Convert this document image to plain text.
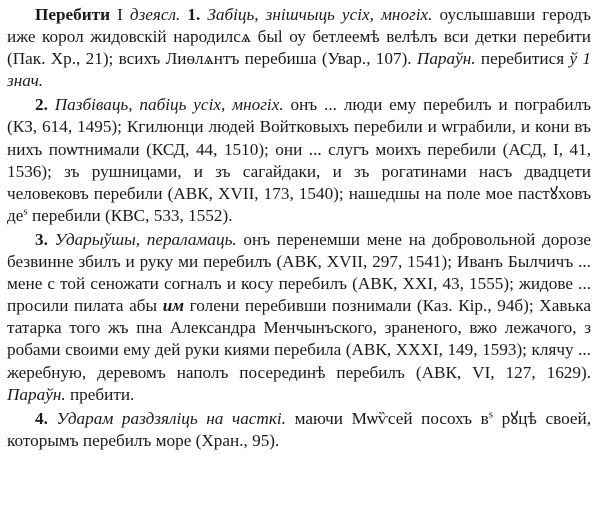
Перебити I дзеясл. 1. Забіць, знішчыць усіх, многіх. оуслышавши геродъ иже корол жидовскій народилсѧ быl оу бетлеемѣ велѣлъ вси детки перебити (Пак. Хр., 21); всихъ Лиѳлѧнтъ перебиша (Увар., 107). Параўн. перебитися ў 1 знач.

2. Пазбіваць, пабіць усіх, многіх. онъ ... люди ему перебилъ и пограбилъ (КЗ, 614, 1495); Кгилюнци людей Войтковыхъ перебили и ѡграбили, и кони въ нихъ поѡтнимали (КСД, 44, 1510); они ... слугъ моихъ перебили (АСД, I, 41, 1536); зъ рушницами, и зъ сагайдаки, и зъ рогатинами насъ двадцети человековъ перебили (АВК, XVII, 173, 1540); нашедшы на поле мое пастꙋховъ $де^s$ перебили (КВС, 533, 1552).

3. Ударыўшы, пераламаць. онъ перенемши мене на добровольной дорозе безвинне збилъ и руку ми перебилъ (АВК, XVII, 297, 1541); Иванъ Былчичъ ... мене с той сеножати согналъ и косу перебилъ (АВК, XXI, 43, 1555); жидове ... просили пилата абы им голени перебивши познимали (Каз. Кір., 94б); Хавька татарка того жъ пна Алексaндра Менчынъского, зраненого, вжо лежачого, з робами своими ему дей руки киями перебила (АВК, XXXI, 149, 1593); клячу ... жеребную, деревомъ наполъ посерединѣ перебилъ (АВК, VI, 127, 1629). Параўн. пребити.

4. Ударам раздзяліць на часткі. маючи Мѡѷсей посохъ $в^s$ рꙋцѣ своей, которымъ перебилъ море (Хран., 95).
